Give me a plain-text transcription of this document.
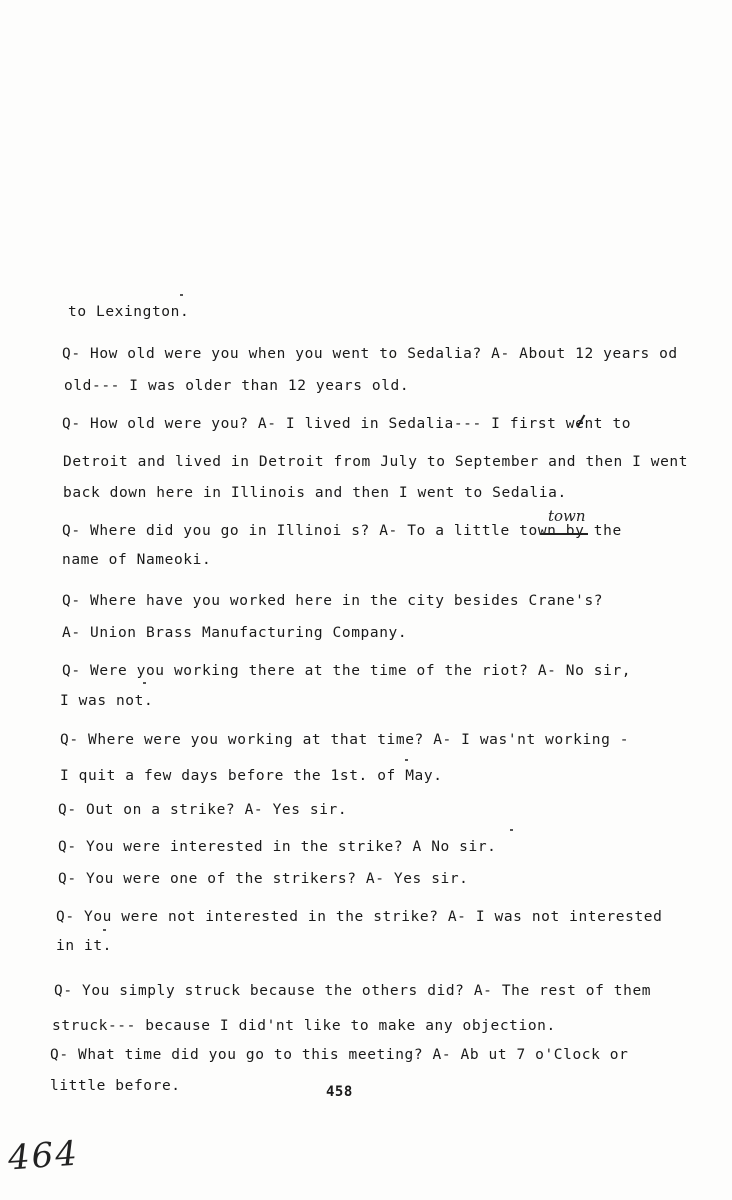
to Lexington.
Q- How old were you when you went to Sedalia? A- About 12 years od
old--- I was older than 12 years old.
Q- How old were you? A- I lived in Sedalia--- I first went to
Detroit and lived in Detroit from July to September and then I went
back down here in Illinois and then I went to Sedalia.
Q- Where did you go in Illinoi s? A- To a little town by the
name of Nameoki.
Q- Where have you worked here in the city besides Crane's?
A- Union Brass Manufacturing Company.
Q- Were you working there at the time of the riot? A- No sir,
I was not.
Q- Where were you working at that time? A- I was'nt working -
I quit a few days before the 1st. of May.
Q- Out on a strike? A- Yes sir.
Q- You were interested in the strike? A No sir.
Q- You were one of the strikers? A- Yes sir.
Q- You were not interested in the strike? A- I was not interested
in it.
Q- You simply struck because the others did? A- The rest of them
struck--- because I did'nt like to make any objection.
Q- What time did you go to this meeting? A- Ab ut 7 o'Clock or
little before.
town
458
464
